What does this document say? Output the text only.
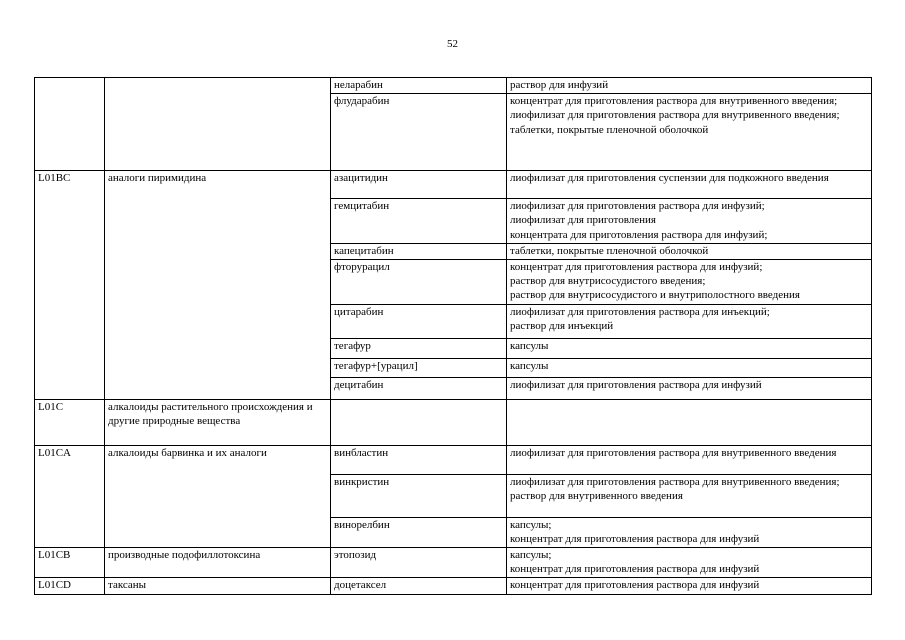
52
		неларабин	раствор для инфузий

		флударабин	концентрат для приготовления раствора для внутривенного введения;
лиофилизат для приготовления раствора для внутривенного введения;
таблетки, покрытые пленочной оболочкой

L01BC	аналоги пиримидина	азацитидин	лиофилизат для приготовления суспензии для подкожного введения

		гемцитабин	лиофилизат для приготовления раствора для инфузий;
лиофилизат для приготовления
концентрата для приготовления раствора для инфузий;

		капецитабин	таблетки, покрытые пленочной оболочкой

		фторурацил	концентрат для приготовления раствора для инфузий;
раствор для внутрисосудистого введения;
раствор для внутрисосудистого и внутриполостного введения

		цитарабин	лиофилизат для приготовления раствора для инъекций;
раствор для инъекций

		тегафур	капсулы

		тегафур+[урацил]	капсулы

		децитабин	лиофилизат для приготовления раствора для инфузий

L01C	алкалоиды растительного происхождения и другие природные вещества		
L01CA	алкалоиды барвинка и их аналоги	винбластин	лиофилизат для приготовления раствора для внутривенного введения

		винкристин	лиофилизат для приготовления раствора для внутривенного введения;
раствор для внутривенного введения

		винорелбин	капсулы;
концентрат для приготовления раствора для инфузий

L01CB	производные подофиллотоксина	этопозид	капсулы;
концентрат для приготовления раствора для инфузий

L01CD	таксаны	доцетаксел	концентрат для приготовления раствора для инфузий
